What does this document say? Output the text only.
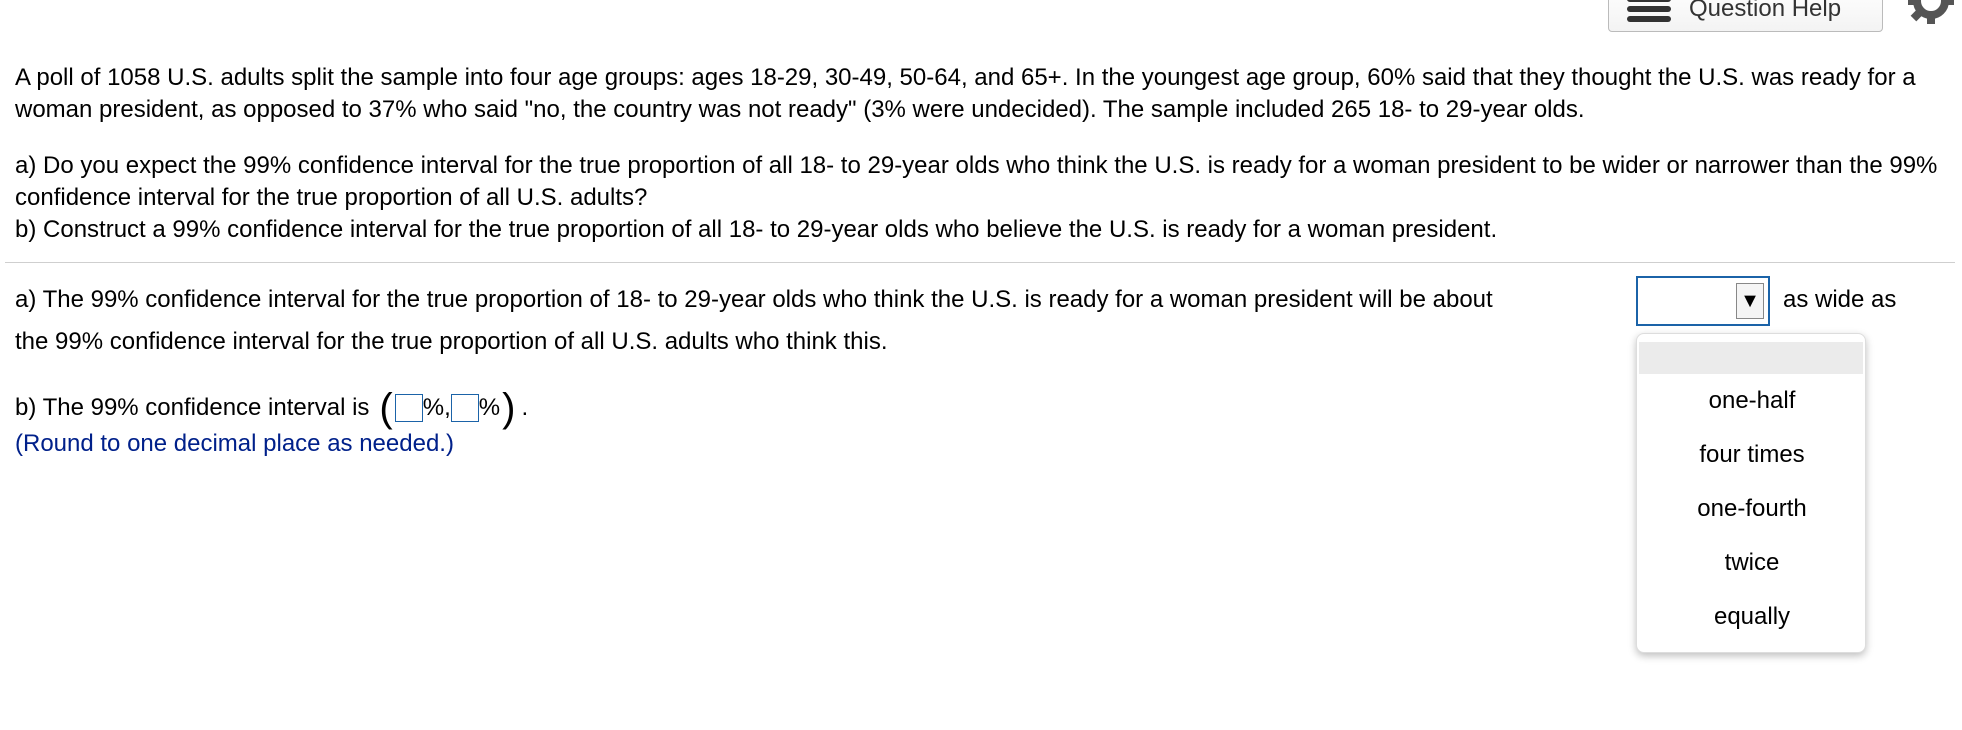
Question Help

A poll of 1058 U.S. adults split the sample into four age groups: ages 18-29, 30-49, 50-64, and 65+. In the youngest age group, 60% said that they thought the U.S. was ready for a woman president, as opposed to 37% who said "no, the country was not ready" (3% were undecided). The sample included 265 18- to 29-year olds.

a) Do you expect the 99% confidence interval for the true proportion of all 18- to 29-year olds who think the U.S. is ready for a woman president to be wider or narrower than the 99% confidence interval for the true proportion of all U.S. adults?

b) Construct a 99% confidence interval for the true proportion of all 18- to 29-year olds who believe the U.S. is ready for a woman president.

a) The 99% confidence interval for the true proportion of 18- to 29-year olds who think the U.S. is ready for a woman president will be about	▼ as wide as
the 99% confidence interval for the true proportion of all U.S. adults who think this.
b) The 99% confidence interval is ( %, % ) .
(Round to one decimal place as needed.)
one-half
four times
one-fourth
twice
equally
